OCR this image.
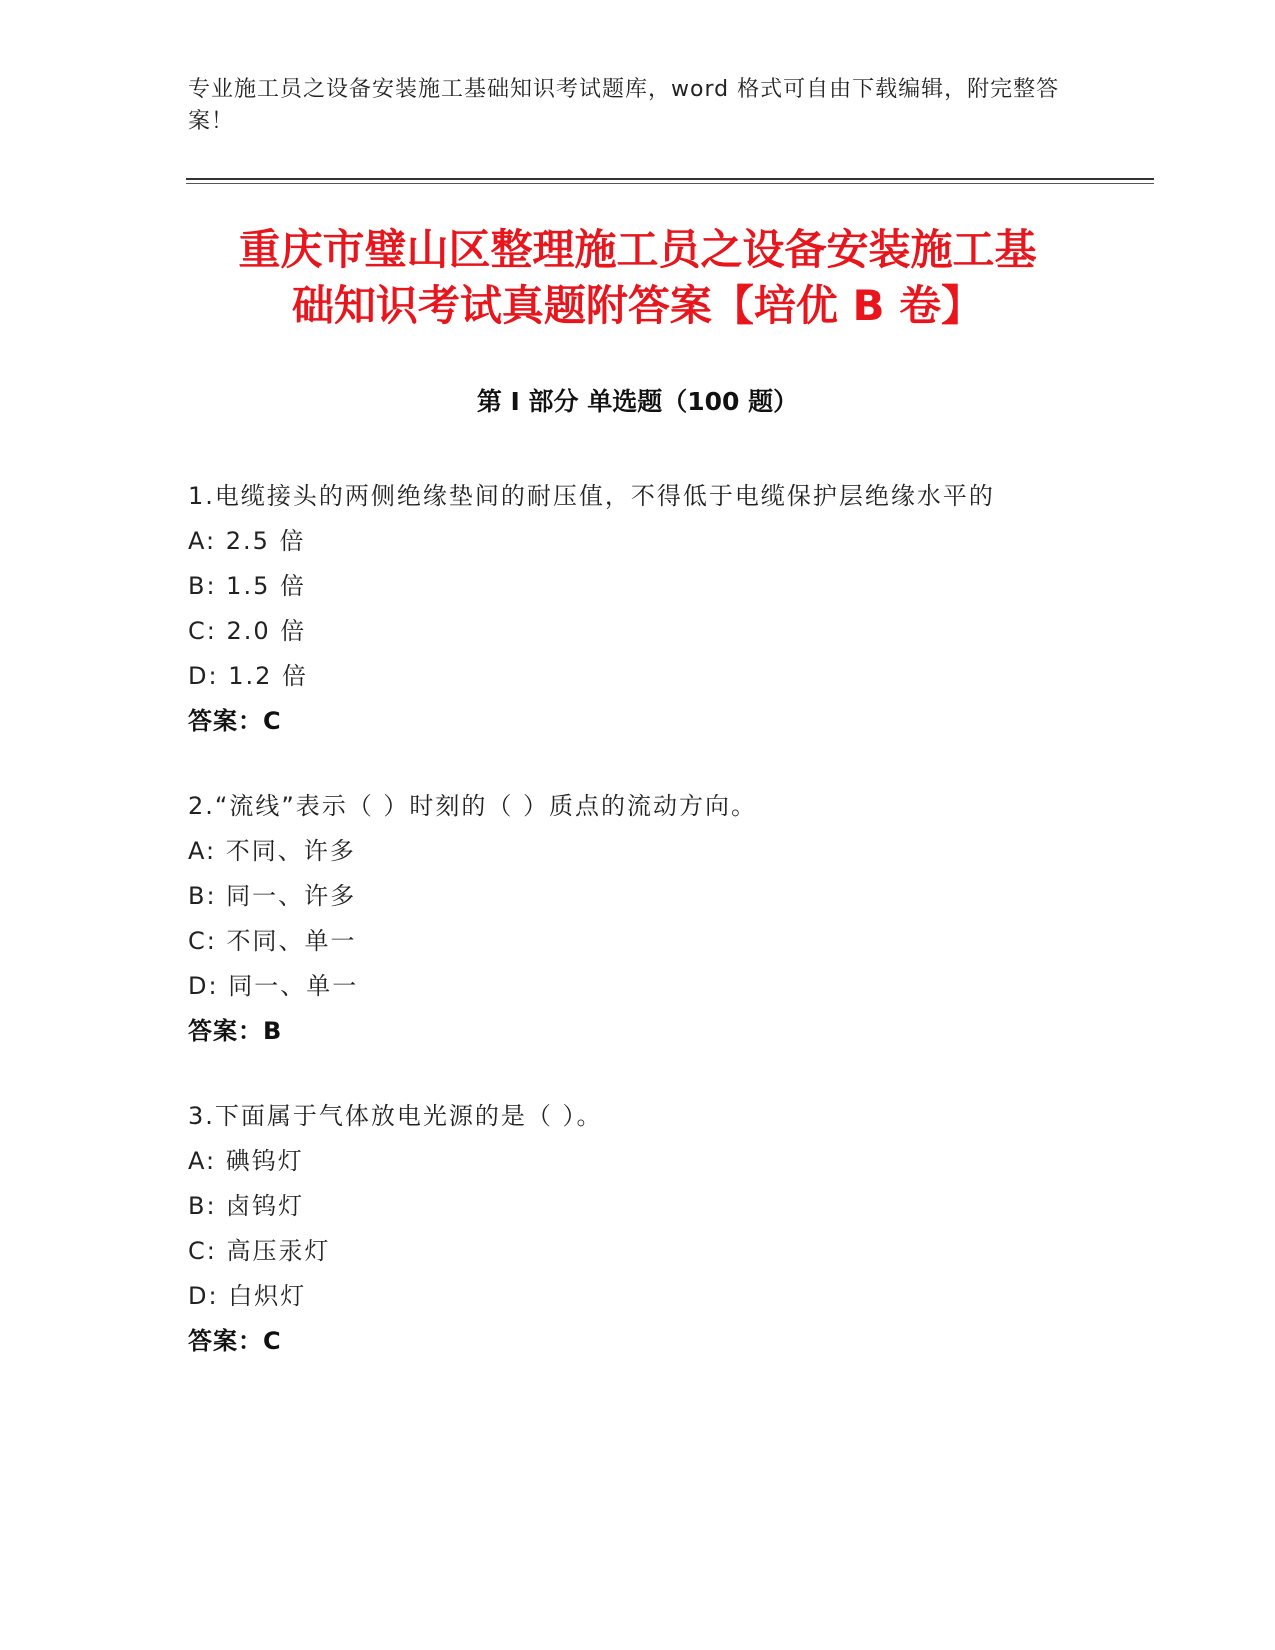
专业施工员之设备安装施工基础知识考试题库，word 格式可自由下载编辑，附完整答案！
重庆市璧山区整理施工员之设备安装施工基
础知识考试真题附答案【培优 B 卷】
第 I 部分 单选题（100 题）
1.电缆接头的两侧绝缘垫间的耐压值，不得低于电缆保护层绝缘水平的
A: 2.5 倍
B: 1.5 倍
C: 2.0 倍
D: 1.2 倍
答案：C
2.“流线”表示（ ）时刻的（ ）质点的流动方向。
A: 不同、许多
B: 同一、许多
C: 不同、单一
D: 同一、单一
答案：B
3.下面属于气体放电光源的是（ ）。
A: 碘钨灯
B: 卤钨灯
C: 高压汞灯
D: 白炽灯
答案：C
